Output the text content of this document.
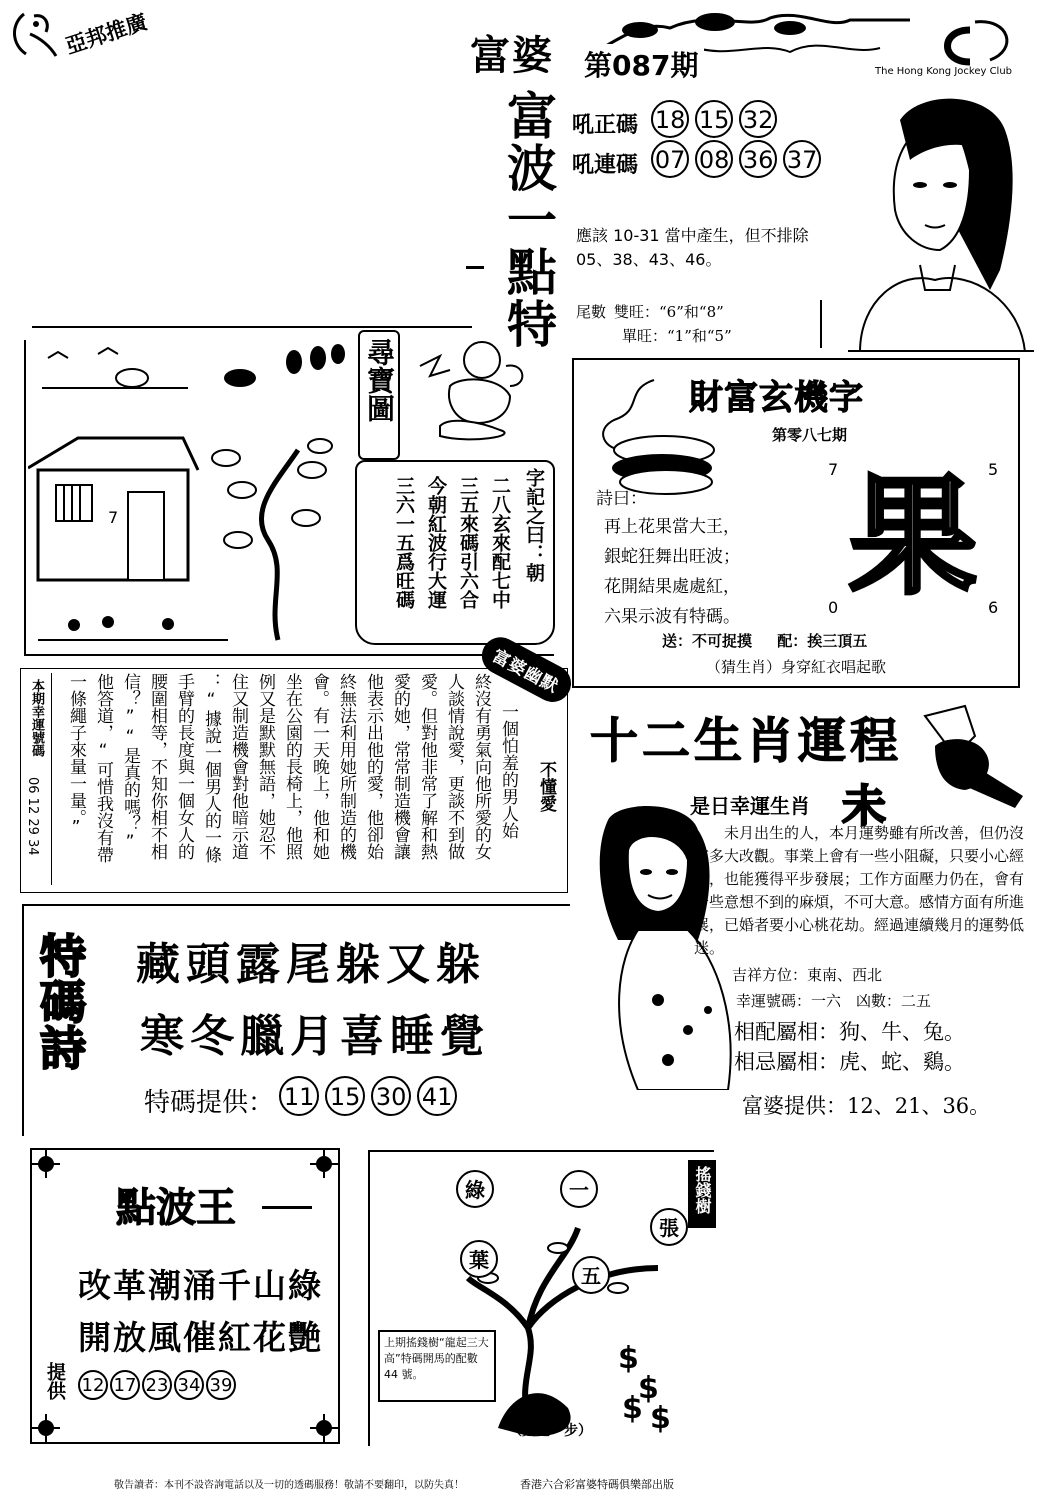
亞邦推廣	富婆 第087期	The Hong Kong Jockey Club
富波一點特 吼正碼 18 15 32
吼連碼 07 08 36 37
應該 10-31 當中產生，但不排除
05、38、43、46。
尾數 雙旺：“6”和“8”
單旺：“1”和“5”
7
尋寶圖
字記之曰：朝
二八玄來配七中
三五來碼引六合
今朝紅波行大運
三六一五爲旺碼
財富玄機字
第零八七期
詩曰：
再上花果當大王，
銀蛇狂舞出旺波；
花開結果處處紅，
六果示波有特碼。
7	5
0	6
果
送：不可捉摸 配：挨三頂五
（猜生肖）身穿紅衣唱起歌
本期幸運號碼
06 12 29 34	一個怕羞的男人始
終沒有勇氣向他所愛的女
人談情說愛，更談不到做
愛。但對他非常了解和熱
愛的她，常常制造機會讓
他表示出他的愛，他卻始
終無法利用她所制造的機
會。有一天晚上，他和她
坐在公園的長椅上，他照
例又是默默無語，她忍不
住又制造機會對他暗示道
：“據說一個男人的一條
手臂的長度與一個女人的
腰圍相等，不知你相不相
信？”“是真的嗎？”
他答道，“可惜我沒有帶
一條繩子來量一量。”	不懂愛
富婆幽默
十二生肖運程
是日幸運生肖 未
未月出生的人，本月運勢雖有所改善，但仍沒有多大改觀。事業上會有一些小阻礙，只要小心經營，也能獲得平步發展；工作方面壓力仍在，會有一些意想不到的麻煩，不可大意。感情方面有所進展，已婚者要小心桃花劫。經過連續幾月的運勢低迷。
吉祥方位：東南、西北
幸運號碼：一六　凶數：二五
相配屬相：狗、牛、兔。
相忌屬相：虎、蛇、鷄。
富婆提供：12、21、36。
特碼詩 藏頭露尾躲又躲
寒冬臘月喜睡覺
特碼提供： 11 15 30 41
點波王
改革潮涌千山綠
開放風催紅花艷
提供 12 17 23 34 39
搖錢樹
$
$
$
$
綠	一
張
葉
五
上期搖錢樹“龍起三大高”特碼開馬的配數 44 號。
（更進一步）
敬告讀者：本刊不設咨詢電話以及一切的透碼服務！敬請不要翻印，以防失真！	香港六合彩富婆特碼俱樂部出版
